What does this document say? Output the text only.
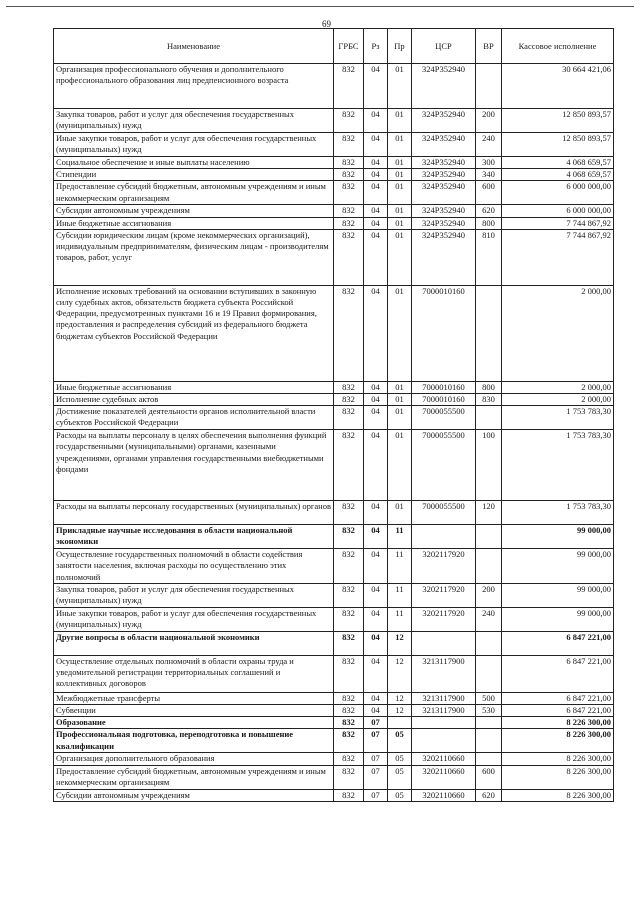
69
Наименование	ГРБС	Рз	Пр	ЦСР	ВР	Кассовое исполнение
Организация профессионального обучения и дополнительного профессионального образования лиц предпенсионного возраста	832	04	01	324P352940		30 664 421,06
Закупка товаров, работ и услуг для обеспечения государственных (муниципальных) нужд	832	04	01	324P352940	200	12 850 893,57
Иные закупки товаров, работ и услуг для обеспечения государственных (муниципальных) нужд	832	04	01	324P352940	240	12 850 893,57
Социальное обеспечение и иные выплаты населению	832	04	01	324P352940	300	4 068 659,57
Стипендии	832	04	01	324P352940	340	4 068 659,57
Предоставление субсидий бюджетным, автономным учреждениям и иным некоммерческим организациям	832	04	01	324P352940	600	6 000 000,00
Субсидии автономным учреждениям	832	04	01	324P352940	620	6 000 000,00
Иные бюджетные ассигнования	832	04	01	324P352940	800	7 744 867,92
Субсидии юридическим лицам (кроме некоммерческих организаций), индивидуальным предпринимателям, физическим лицам - производителям товаров, работ, услуг	832	04	01	324P352940	810	7 744 867,92
Исполнение исковых требований на основании вступивших в законную силу судебных актов, обязательств бюджета субъекта Российской Федерации, предусмотренных пунктами 16 и 19 Правил формирования, предоставления и распределения субсидий из федерального бюджета бюджетам субъектов Российской Федерации	832	04	01	7000010160		2 000,00
Иные бюджетные ассигнования	832	04	01	7000010160	800	2 000,00
Исполнение судебных актов	832	04	01	7000010160	830	2 000,00
Достижение показателей деятельности органов исполнительной власти субъектов Российской Федерации	832	04	01	7000055500		1 753 783,30
Расходы на выплаты персоналу в целях обеспечения выполнения функций государственными (муниципальными) органами, казенными учреждениями, органами управления государственными внебюджетными фондами	832	04	01	7000055500	100	1 753 783,30
Расходы на выплаты персоналу государственных (муниципальных) органов	832	04	01	7000055500	120	1 753 783,30
Прикладные научные исследования в области национальной экономики	832	04	11			99 000,00
Осуществление государственных полномочий в области содействия занятости населения, включая расходы по осуществлению этих полномочий	832	04	11	3202117920		99 000,00
Закупка товаров, работ и услуг для обеспечения государственных (муниципальных) нужд	832	04	11	3202117920	200	99 000,00
Иные закупки товаров, работ и услуг для обеспечения государственных (муниципальных) нужд	832	04	11	3202117920	240	99 000,00
Другие вопросы в области национальной экономики	832	04	12			6 847 221,00
Осуществление отдельных полномочий в области охраны труда и уведомительной регистрации территориальных соглашений и коллективных договоров	832	04	12	3213117900		6 847 221,00
Межбюджетные трансферты	832	04	12	3213117900	500	6 847 221,00
Субвенции	832	04	12	3213117900	530	6 847 221,00
Образование	832	07				8 226 300,00
Профессиональная подготовка, переподготовка и повышение квалификации	832	07	05			8 226 300,00
Организация дополнительного образования	832	07	05	3202110660		8 226 300,00
Предоставление субсидий бюджетным, автономным учреждениям и иным некоммерческим организациям	832	07	05	3202110660	600	8 226 300,00
Субсидии автономным учреждениям	832	07	05	3202110660	620	8 226 300,00
